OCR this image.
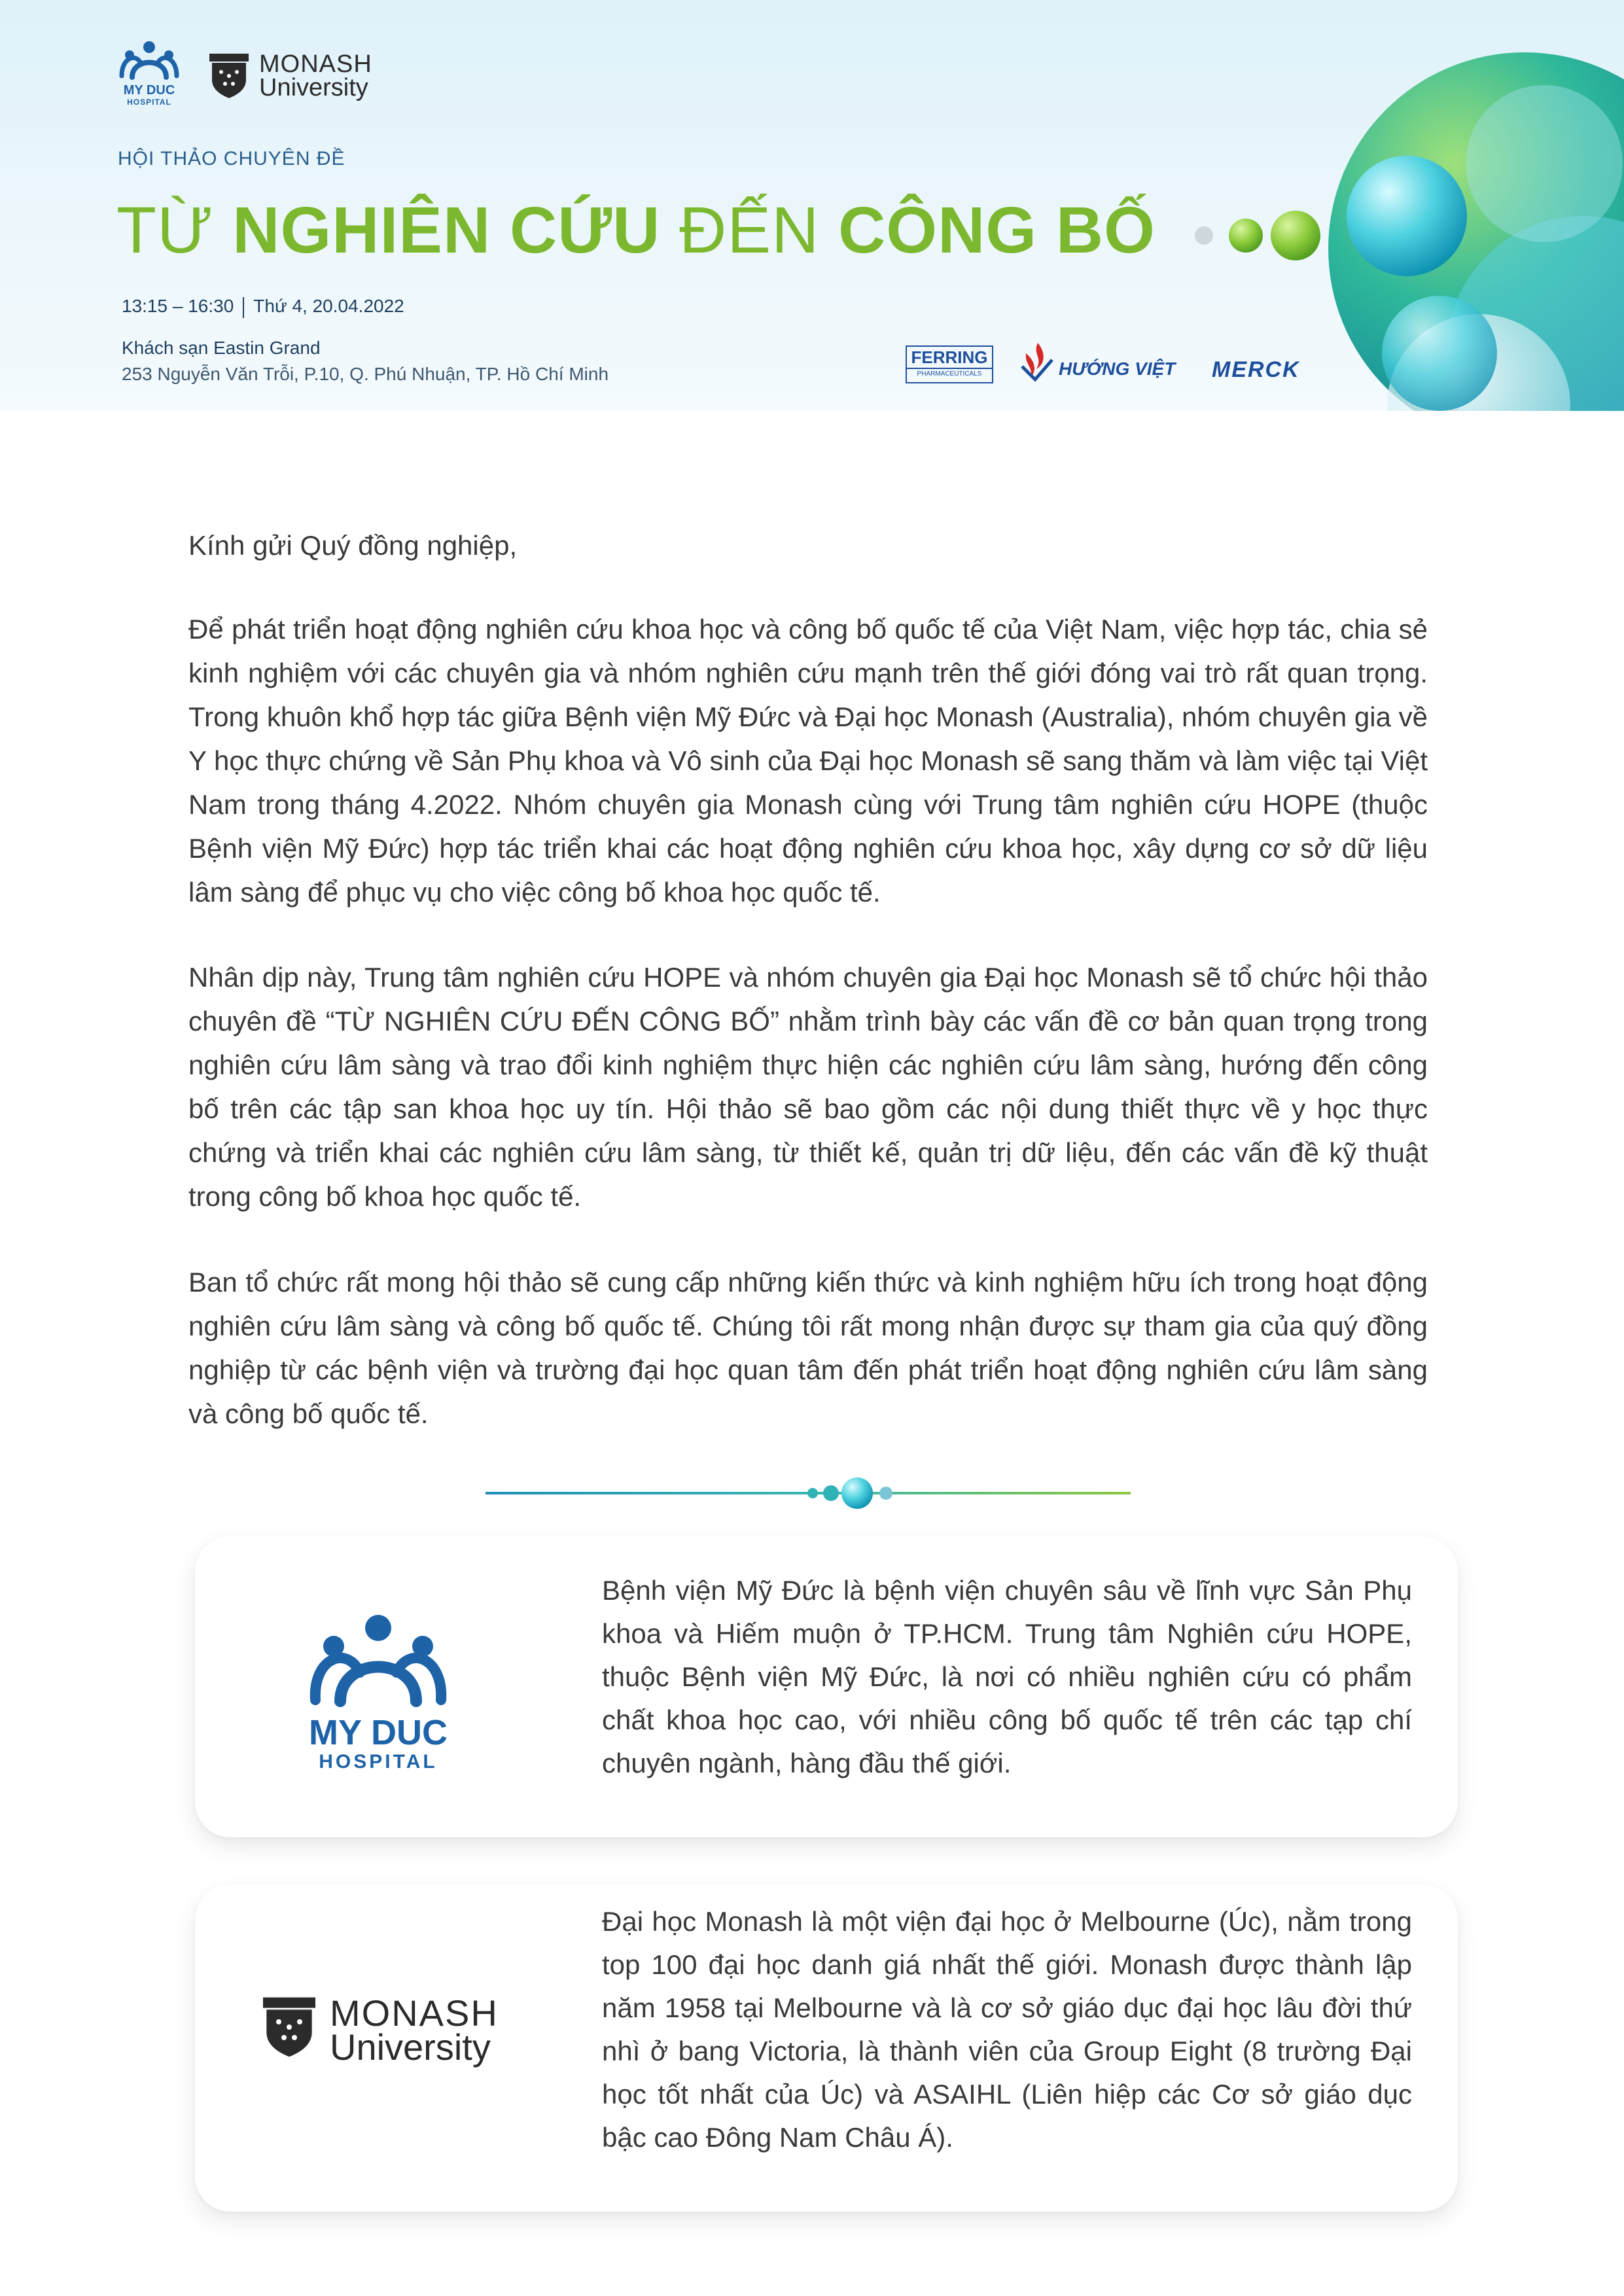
MY DUC
HOSPITAL
MONASH
University
HỘI THẢO CHUYÊN ĐỀ
TỪ NGHIÊN CỨU ĐẾN CÔNG BỐ
13:15 – 16:30 Thứ 4, 20.04.2022
Khách sạn Eastin Grand
253 Nguyễn Văn Trỗi, P.10, Q. Phú Nhuận, TP. Hồ Chí Minh
FERRING
PHARMACEUTICALS	HƯỚNG VIỆT MERCK
Kính gửi Quý đồng nghiệp,

Để phát triển hoạt động nghiên cứu khoa học và công bố quốc tế của Việt Nam, việc hợp tác, chia sẻ kinh nghiệm với các chuyên gia và nhóm nghiên cứu mạnh trên thế giới đóng vai trò rất quan trọng. Trong khuôn khổ hợp tác giữa Bệnh viện Mỹ Đức và Đại học Monash (Australia), nhóm chuyên gia về Y học thực chứng về Sản Phụ khoa và Vô sinh của Đại học Monash sẽ sang thăm và làm việc tại Việt Nam trong tháng 4.2022. Nhóm chuyên gia Monash cùng với Trung tâm nghiên cứu HOPE (thuộc Bệnh viện Mỹ Đức) hợp tác triển khai các hoạt động nghiên cứu khoa học, xây dựng cơ sở dữ liệu lâm sàng để phục vụ cho việc công bố khoa học quốc tế.

Nhân dịp này, Trung tâm nghiên cứu HOPE và nhóm chuyên gia Đại học Monash sẽ tổ chức hội thảo chuyên đề “TỪ NGHIÊN CỨU ĐẾN CÔNG BỐ” nhằm trình bày các vấn đề cơ bản quan trọng trong nghiên cứu lâm sàng và trao đổi kinh nghiệm thực hiện các nghiên cứu lâm sàng, hướng đến công bố trên các tập san khoa học uy tín. Hội thảo sẽ bao gồm các nội dung thiết thực về y học thực chứng và triển khai các nghiên cứu lâm sàng, từ thiết kế, quản trị dữ liệu, đến các vấn đề kỹ thuật trong công bố khoa học quốc tế.

Ban tổ chức rất mong hội thảo sẽ cung cấp những kiến thức và kinh nghiệm hữu ích trong hoạt động nghiên cứu lâm sàng và công bố quốc tế. Chúng tôi rất mong nhận được sự tham gia của quý đồng nghiệp từ các bệnh viện và trường đại học quan tâm đến phát triển hoạt động nghiên cứu lâm sàng và công bố quốc tế.

MY DUC
HOSPITAL

Bệnh viện Mỹ Đức là bệnh viện chuyên sâu về lĩnh vực Sản Phụ khoa và Hiếm muộn ở TP.HCM. Trung tâm Nghiên cứu HOPE, thuộc Bệnh viện Mỹ Đức, là nơi có nhiều nghiên cứu có phẩm chất khoa học cao, với nhiều công bố quốc tế trên các tạp chí chuyên ngành, hàng đầu thế giới.

MONASH
University

Đại học Monash là một viện đại học ở Melbourne (Úc), nằm trong top 100 đại học danh giá nhất thế giới. Monash được thành lập năm 1958 tại Melbourne và là cơ sở giáo dục đại học lâu đời thứ nhì ở bang Victoria, là thành viên của Group Eight (8 trường Đại học tốt nhất của Úc) và ASAIHL (Liên hiệp các Cơ sở giáo dục bậc cao Đông Nam Châu Á).
